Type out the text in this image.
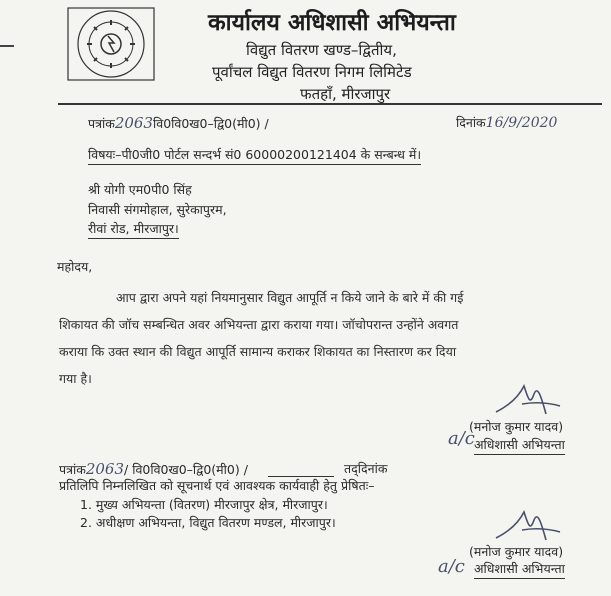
कार्यालय अधिशासी अभियन्ता
विद्युत वितरण खण्ड–द्वितीय,
पूर्वांचल विद्युत वितरण निगम लिमिटेड
फतहाँ, मीरजापुर
पत्रांक2063वि0वि0ख0–द्वि0(मी0) /	दिनांक16/9/2020
विषयः–पी0जी0 पोर्टल सन्दर्भ सं0 60000200121404 के सन्बन्ध में।
श्री योगी एम0पी0 सिंह
निवासी संगमोहाल, सुरेकापुरम,
रीवां रोड, मीरजापुर।
महोदय,
आप द्वारा अपने यहां नियमानुसार विद्युत आपूर्ति न किये जाने के बारे में की गई
शिकायत की जॉच सम्बन्धित अवर अभियन्ता द्वारा कराया गया। जॉचोपरान्त उन्होंने अवगत
कराया कि उक्त स्थान की विद्युत आपूर्ति सामान्य कराकर शिकायत का निस्तारण कर दिया
गया है।
(मनोज कुमार यादव)
a/c अधिशासी अभियन्ता
पत्रांक2063/ वि0वि0ख0–द्वि0(मी0) /	तद्‌दिनांक
प्रतिलिपि निम्नलिखित को सूचनार्थ एवं आवश्यक कार्यवाही हेतु प्रेषितः–
1. मुख्य अभियन्ता (वितरण) मीरजापुर क्षेत्र, मीरजापुर।
2. अधीक्षण अभियन्ता, विद्युत वितरण मण्डल, मीरजापुर।
(मनोज कुमार यादव)
a/c अधिशासी अभियन्ता
